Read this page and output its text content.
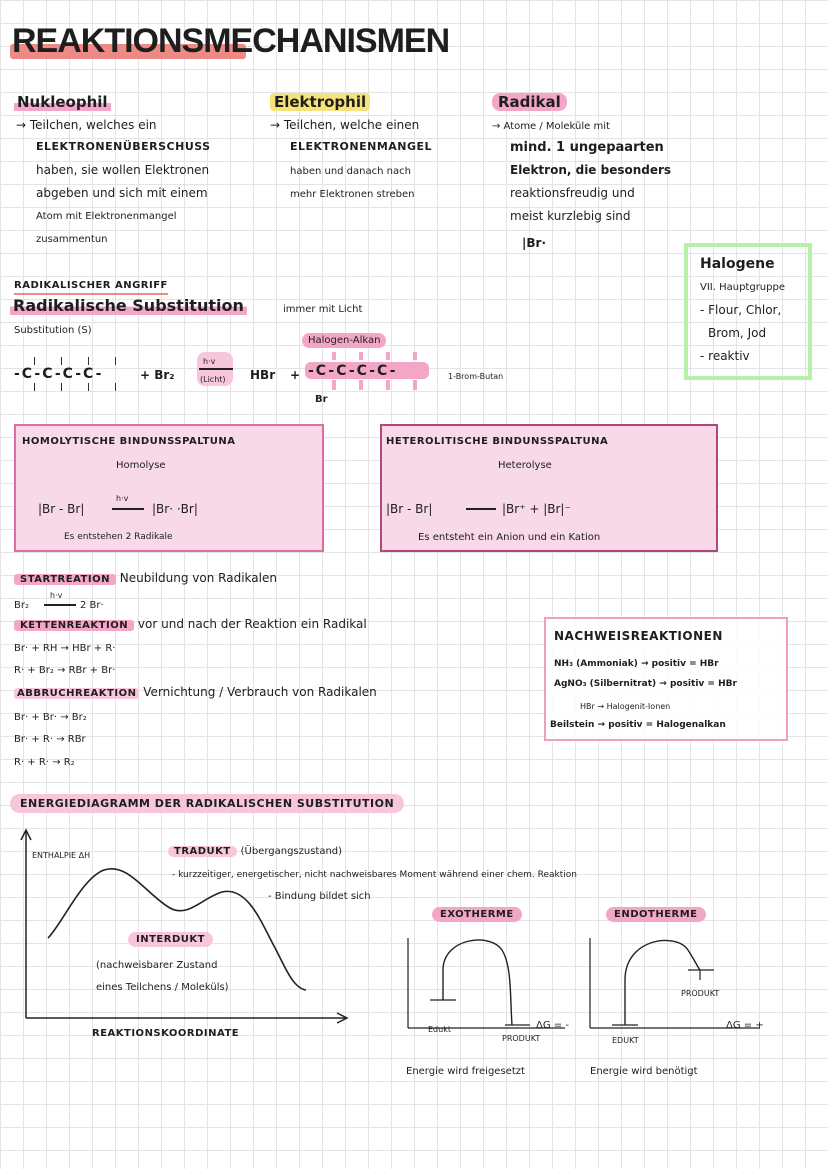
REAKTIONSMECHANISMEN
Nukleophil
→ Teilchen, welches ein
ELEKTRONENÜBERSCHUSS
haben, sie wollen Elektronen
abgeben und sich mit einem
Atom mit Elektronenmangel
zusammentun
Elektrophil
→ Teilchen, welche einen
ELEKTRONENMANGEL
haben und danach nach
mehr Elektronen streben
Radikal
→ Atome / Moleküle mit
mind. 1 ungepaarten
Elektron, die besonders
reaktionsfreudig und
meist kurzlebig sind
|Br·
Halogene
VII. Hauptgruppe
- Flour, Chlor,
Brom, Jod
- reaktiv
RADIKALISCHER ANGRIFF
Radikalische Substitution	immer mit Licht
Substitution (S)
Halogen-Alkan
-C-C-C-C-	+ Br₂
h·v
(Licht) HBr + -C-C-C-C-
Br
1-Brom-Butan
HOMOLYTISCHE BINDUNSSPALTUNA
Homolyse
|Br - Br|
h·v
|Br· ·Br|
Es entstehen 2 Radikale
HETEROLITISCHE BINDUNSSPALTUNA
Heterolyse
|Br - Br|	|Br⁺ + |Br|⁻
Es entsteht ein Anion und ein Kation
STARTREATION Neubildung von Radikalen
Br₂
h·v
2 Br·
KETTENREAKTION vor und nach der Reaktion ein Radikal
Br· + RH → HBr + R·
R· + Br₂ → RBr + Br·
ABBRUCHREAKTION Vernichtung / Verbrauch von Radikalen
Br· + Br· → Br₂
Br· + R· → RBr
R· + R· → R₂
NACHWEISREAKTIONEN
NH₃ (Ammoniak) → positiv = HBr
AgNO₃ (Silbernitrat) → positiv = HBr
HBr → Halogenit-Ionen
Beilstein → positiv = Halogenalkan
ENERGIEDIAGRAMM DER RADIKALISCHEN SUBSTITUTION
ENTHALPIE ΔH
REAKTIONSKOORDINATE
TRADUKT (Übergangszustand)
- kurzzeitiger, energetischer, nicht nachweisbares Moment während einer chem. Reaktion
- Bindung bildet sich
INTERDUKT
(nachweisbarer Zustand
eines Teilchens / Moleküls)
EXOTHERME
Edukt
PRODUKT
ΔG = -
Energie wird freigesetzt
ENDOTHERME
PRODUKT
EDUKT
ΔG = +
Energie wird benötigt
